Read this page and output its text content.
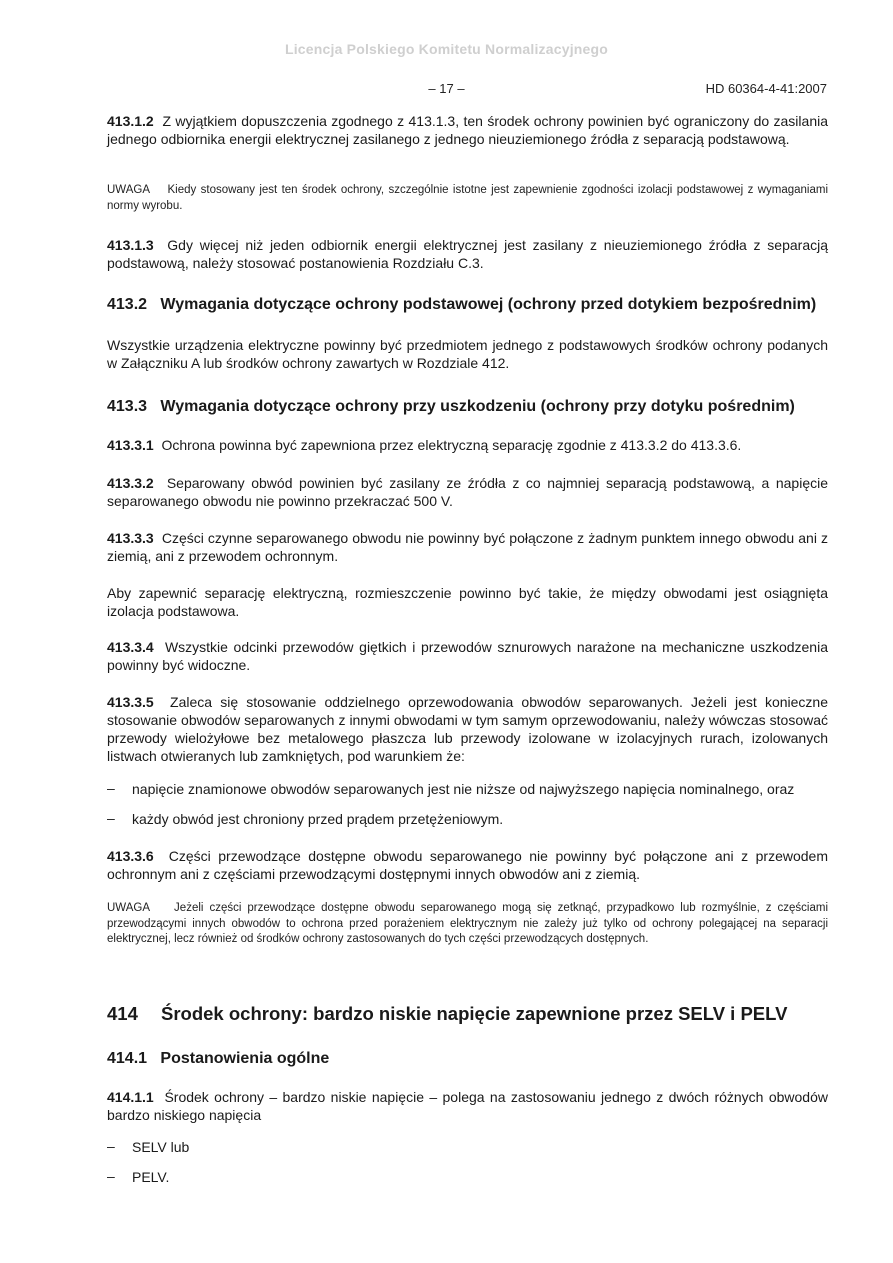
Licencja Polskiego Komitetu Normalizacyjnego
– 17 –	HD 60364-4-41:2007

413.1.2 Z wyjątkiem dopuszczenia zgodnego z 413.1.3, ten środek ochrony powinien być ograniczony do zasilania jednego odbiornika energii elektrycznej zasilanego z jednego nieuziemionego źródła z separacją podstawową.

UWAGA Kiedy stosowany jest ten środek ochrony, szczególnie istotne jest zapewnienie zgodności izolacji podstawowej z wymaganiami normy wyrobu.

413.1.3 Gdy więcej niż jeden odbiornik energii elektrycznej jest zasilany z nieuziemionego źródła z separacją podstawową, należy stosować postanowienia Rozdziału C.3.

413.2 Wymagania dotyczące ochrony podstawowej (ochrony przed dotykiem bezpośrednim)

Wszystkie urządzenia elektryczne powinny być przedmiotem jednego z podstawowych środków ochrony podanych w Załączniku A lub środków ochrony zawartych w Rozdziale 412.

413.3 Wymagania dotyczące ochrony przy uszkodzeniu (ochrony przy dotyku pośrednim)

413.3.1 Ochrona powinna być zapewniona przez elektryczną separację zgodnie z 413.3.2 do 413.3.6.

413.3.2 Separowany obwód powinien być zasilany ze źródła z co najmniej separacją podstawową, a napięcie separowanego obwodu nie powinno przekraczać 500 V.

413.3.3 Części czynne separowanego obwodu nie powinny być połączone z żadnym punktem innego obwodu ani z ziemią, ani z przewodem ochronnym.

Aby zapewnić separację elektryczną, rozmieszczenie powinno być takie, że między obwodami jest osiągnięta izolacja podstawowa.

413.3.4 Wszystkie odcinki przewodów giętkich i przewodów sznurowych narażone na mechaniczne uszkodzenia powinny być widoczne.

413.3.5 Zaleca się stosowanie oddzielnego oprzewodowania obwodów separowanych. Jeżeli jest konieczne stosowanie obwodów separowanych z innymi obwodami w tym samym oprzewodowaniu, należy wówczas stosować przewody wielożyłowe bez metalowego płaszcza lub przewody izolowane w izolacyjnych rurach, izolowanych listwach otwieranych lub zamkniętych, pod warunkiem że:

– napięcie znamionowe obwodów separowanych jest nie niższe od najwyższego napięcia nominalnego, oraz

– każdy obwód jest chroniony przed prądem przetężeniowym.

413.3.6 Części przewodzące dostępne obwodu separowanego nie powinny być połączone ani z przewodem ochronnym ani z częściami przewodzącymi dostępnymi innych obwodów ani z ziemią.

UWAGA Jeżeli części przewodzące dostępne obwodu separowanego mogą się zetknąć, przypadkowo lub rozmyślnie, z częściami przewodzącymi innych obwodów to ochrona przed porażeniem elektrycznym nie zależy już tylko od ochrony polegającej na separacji elektrycznej, lecz również od środków ochrony zastosowanych do tych części przewodzących dostępnych.

414 Środek ochrony: bardzo niskie napięcie zapewnione przez SELV i PELV
414.1 Postanowienia ogólne

414.1.1 Środek ochrony – bardzo niskie napięcie – polega na zastosowaniu jednego z dwóch różnych obwodów bardzo niskiego napięcia

– SELV lub

– PELV.
